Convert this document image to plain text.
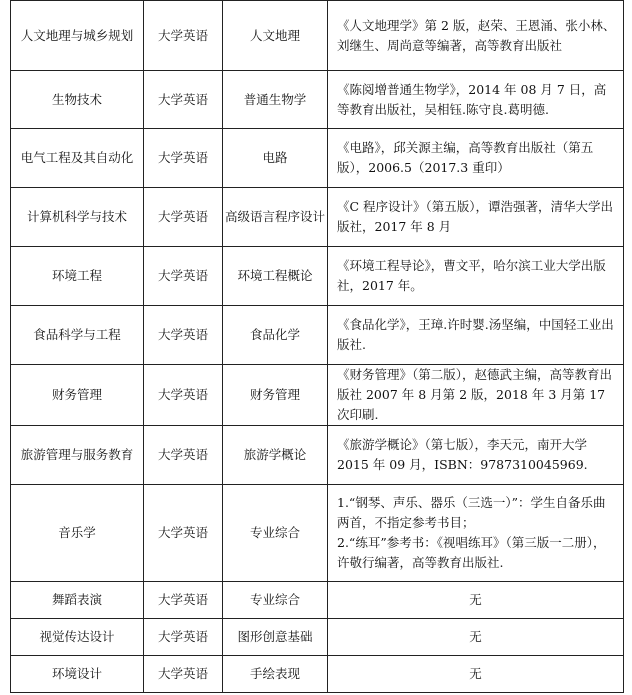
人文地理与城乡规划	大学英语	人文地理	《人文地理学》第 2 版，赵荣、王恩涌、张小林、刘继生、周尚意等编著，高等教育出版社

生物技术	大学英语	普通生物学	《陈阅增普通生物学》，2014 年 08 月 7 日，高等教育出版社，吴相钰.陈守良.葛明德.

电气工程及其自动化	大学英语	电路	《电路》，邱关源主编，高等教育出版社（第五版），2006.5（2017.3 重印）

计算机科学与技术	大学英语	高级语言程序设计	《C 程序设计》（第五版），谭浩强著，清华大学出版社，2017 年 8 月

环境工程	大学英语	环境工程概论	《环境工程导论》，曹文平，哈尔滨工业大学出版社，2017 年。

食品科学与工程	大学英语	食品化学	《食品化学》，王璋.许时婴.汤坚编，中国轻工业出版社.

财务管理	大学英语	财务管理	《财务管理》（第二版），赵德武主编，高等教育出版社 2007 年 8 月第 2 版，2018 年 3 月第 17 次印刷.

旅游管理与服务教育	大学英语	旅游学概论	《旅游学概论》（第七版），李天元，南开大学 2015 年 09 月，ISBN：9787310045969.

音乐学	大学英语	专业综合	1.“钢琴、声乐、器乐（三选一）”：学生自备乐曲两首，不指定参考书目；
2.“练耳”参考书：《视唱练耳》（第三版一二册），许敬行编著，高等教育出版社.

舞蹈表演	大学英语	专业综合	无
视觉传达设计	大学英语	图形创意基础	无
环境设计	大学英语	手绘表现	无
